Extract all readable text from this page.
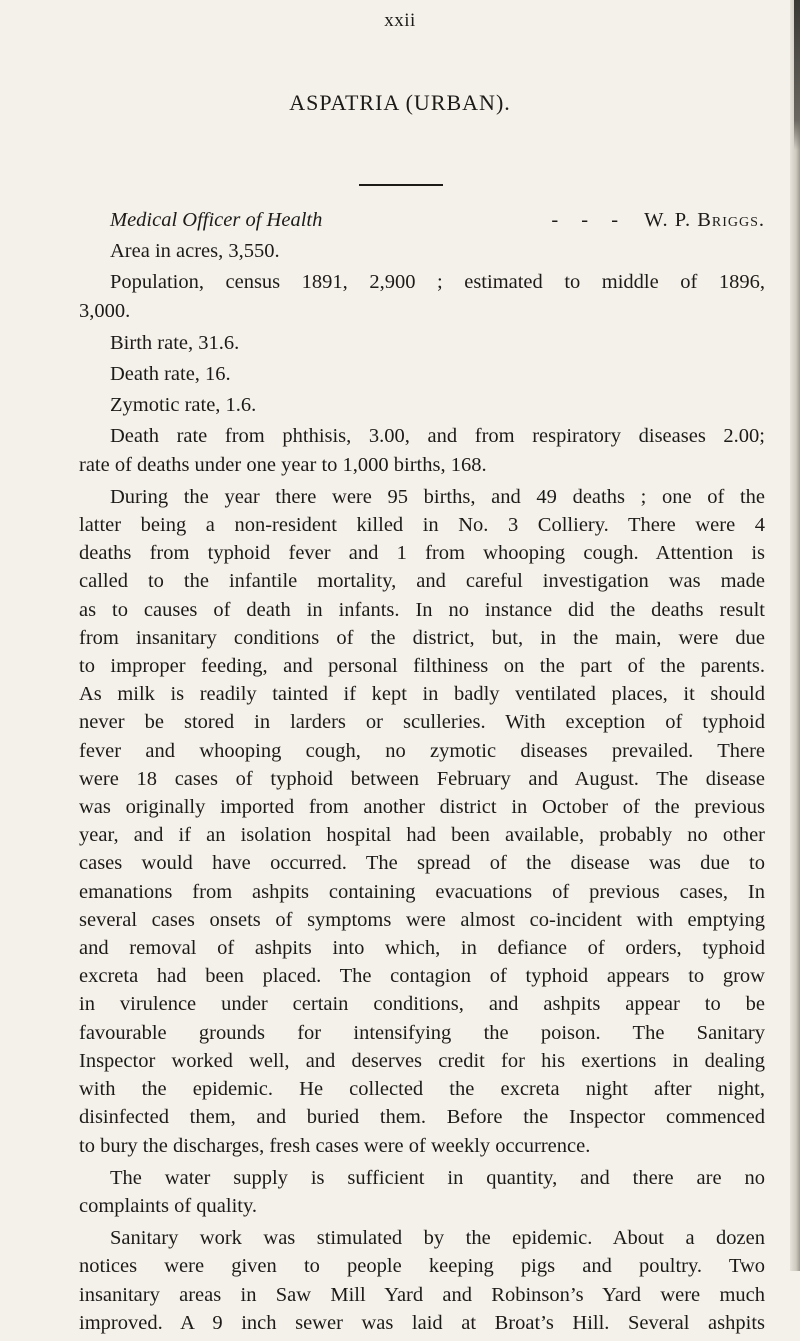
xxii
ASPATRIA (URBAN).
Medical Officer of Health	- - - W. P. Briggs.
Area in acres, 3,550.
Population, census 1891, 2,900 ; estimated to middle of 1896,
3,000.
Birth rate, 31.6.
Death rate, 16.
Zymotic rate, 1.6.
Death rate from phthisis, 3.00, and from respiratory diseases 2.00;
rate of deaths under one year to 1,000 births, 168.
During the year there were 95 births, and 49 deaths ; one of the
latter being a non-resident killed in No. 3 Colliery. There were 4
deaths from typhoid fever and 1 from whooping cough. Attention is
called to the infantile mortality, and careful investigation was made
as to causes of death in infants. In no instance did the deaths result
from insanitary conditions of the district, but, in the main, were due
to improper feeding, and personal filthiness on the part of the parents.
As milk is readily tainted if kept in badly ventilated places, it should
never be stored in larders or sculleries. With exception of typhoid
fever and whooping cough, no zymotic diseases prevailed. There
were 18 cases of typhoid between February and August. The disease
was originally imported from another district in October of the previous
year, and if an isolation hospital had been available, probably no other
cases would have occurred. The spread of the disease was due to
emanations from ashpits containing evacuations of previous cases, In
several cases onsets of symptoms were almost co-incident with emptying
and removal of ashpits into which, in defiance of orders, typhoid
excreta had been placed. The contagion of typhoid appears to grow
in virulence under certain conditions, and ashpits appear to be
favourable grounds for intensifying the poison. The Sanitary
Inspector worked well, and deserves credit for his exertions in dealing
with the epidemic. He collected the excreta night after night,
disinfected them, and buried them. Before the Inspector commenced
to bury the discharges, fresh cases were of weekly occurrence.
The water supply is sufficient in quantity, and there are no
complaints of quality.
Sanitary work was stimulated by the epidemic. About a dozen
notices were given to people keeping pigs and poultry. Two
insanitary areas in Saw Mill Yard and Robinson’s Yard were much
improved. A 9 inch sewer was laid at Broat’s Hill. Several ashpits
